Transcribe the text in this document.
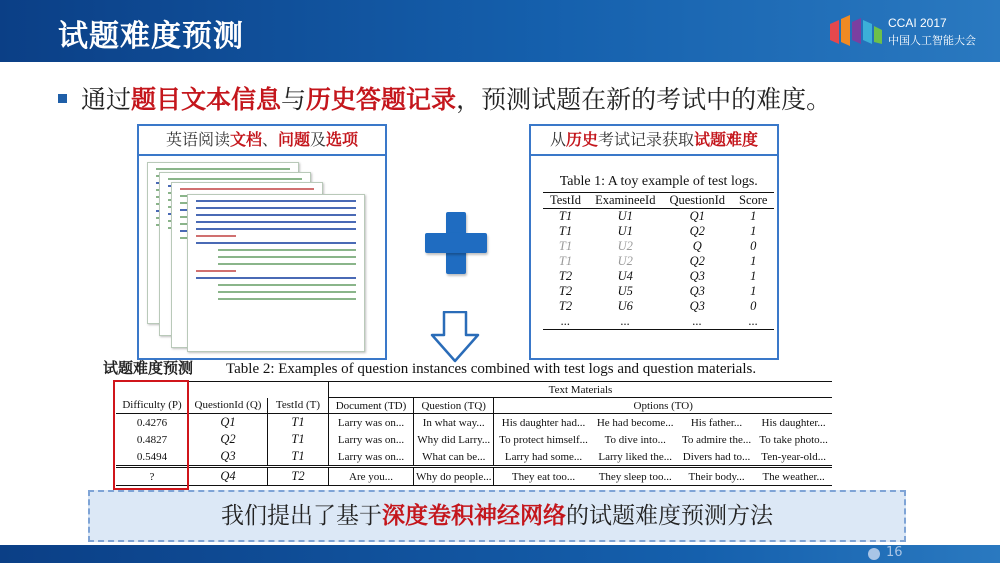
试题难度预测	CCAI 2017
中国人工智能大会
通过题目文本信息与历史答题记录，预测试题在新的考试中的难度。
英语阅读文档、问题及选项	从历史考试记录获取试题难度
Table 1: A toy example of test logs.
TestId	ExamineeId	QuestionId	Score
T1	U1	Q1	1
T1	U1	Q2	1
T1	U2	Q	0
T1	U2	Q2	1
T2	U4	Q3	1
T2	U5	Q3	1
T2	U6	Q3	0
...	...	...	...
试题难度预测 Table 2: Examples of question instances combined with test logs and question materials.
			Text Materials					
Difficulty (P)	QuestionId (Q)	TestId (T)	Document (TD)	Question (TQ)	Options (TO)			
0.4276	Q1	T1	Larry was on...	In what way...	His daughter had...	He had become...	His father...	His daughter...
0.4827	Q2	T1	Larry was on...	Why did Larry...	To protect himself...	To dive into...	To admire the...	To take photo...
0.5494	Q3	T1	Larry was on...	What can be...	Larry had some...	Larry liked the...	Divers had to...	Ten-year-old...
?	Q4	T2	Are you...	Why do people...	They eat too...	They sleep too...	Their body...	The weather...
我们提出了基于深度卷积神经网络的试题难度预测方法
16
